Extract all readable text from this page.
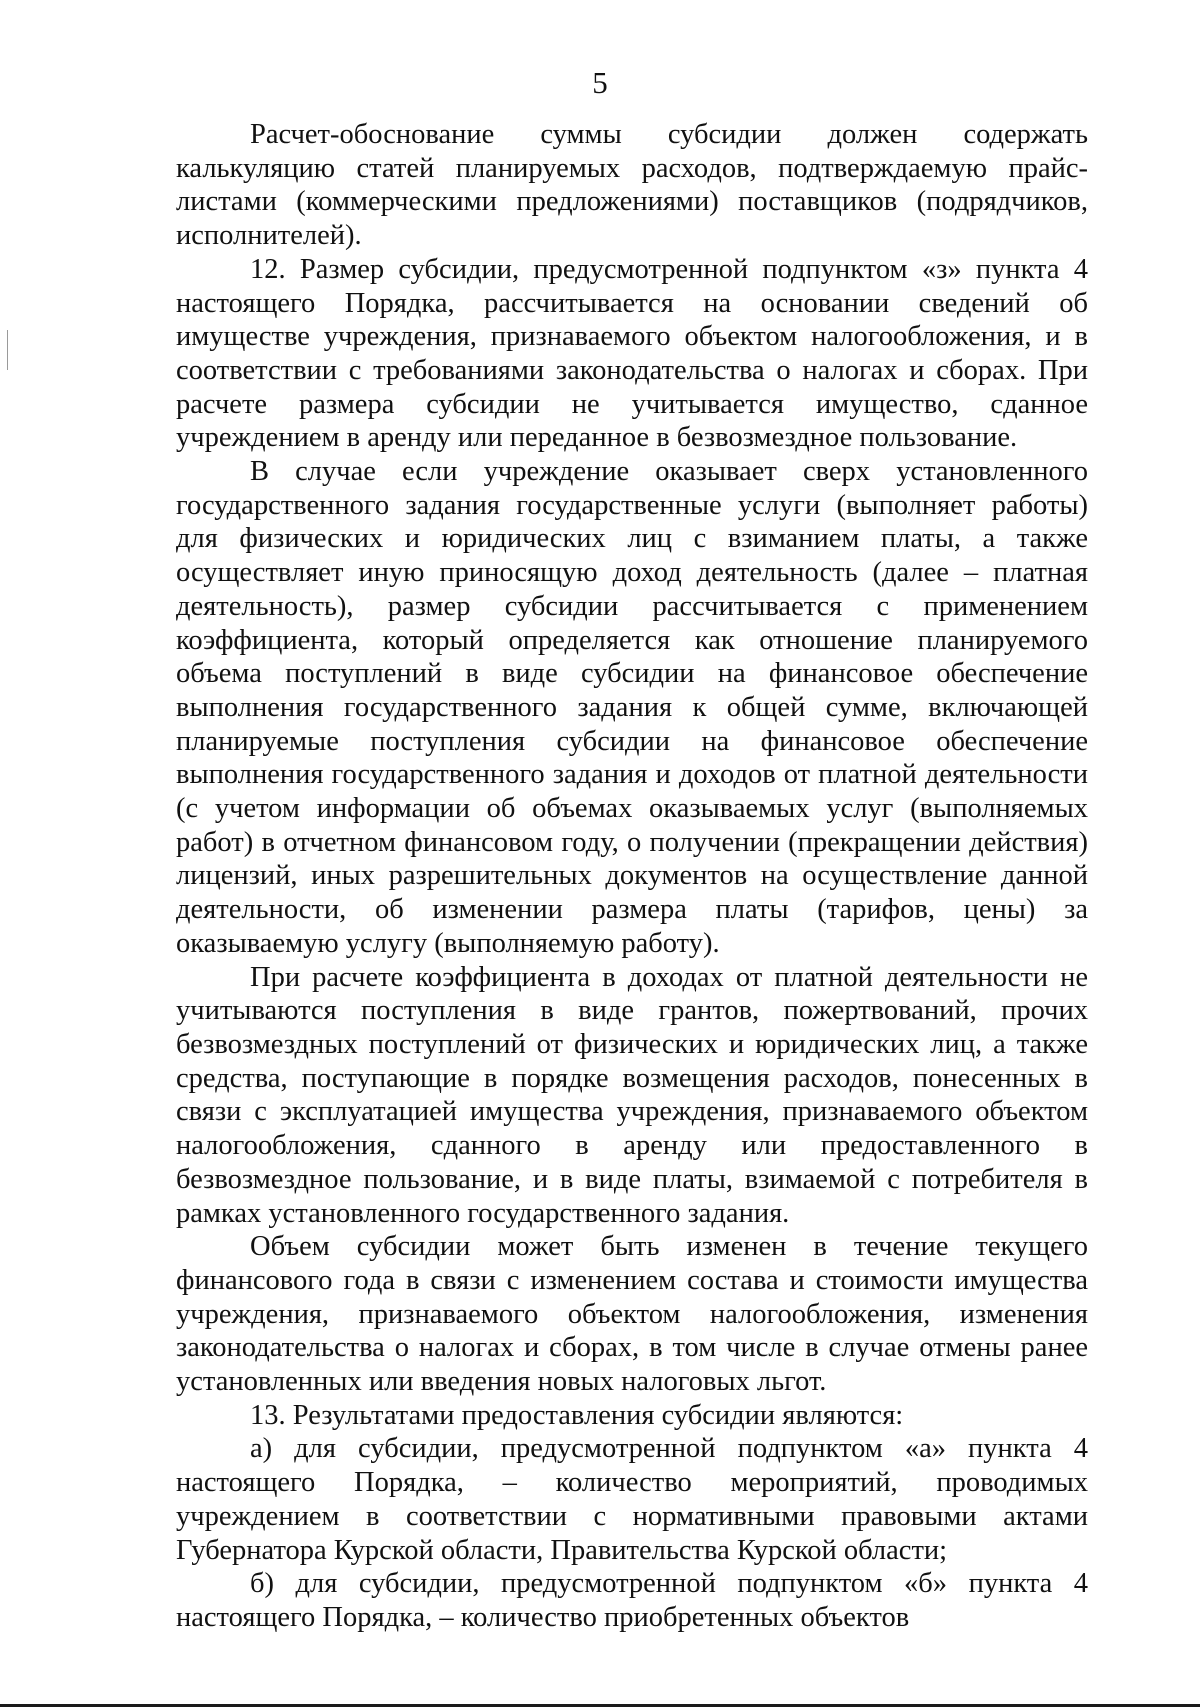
5

Расчет-обоснование суммы субсидии должен содержать калькуляцию статей планируемых расходов, подтверждаемую прайс-листами (коммерческими предложениями) поставщиков (подрядчиков, исполнителей).

12. Размер субсидии, предусмотренной подпунктом «з» пункта 4 настоящего Порядка, рассчитывается на основании сведений об имуществе учреждения, признаваемого объектом налогообложения, и в соответствии с требованиями законодательства о налогах и сборах. При расчете размера субсидии не учитывается имущество, сданное учреждением в аренду или переданное в безвозмездное пользование.

В случае если учреждение оказывает сверх установленного государственного задания государственные услуги (выполняет работы) для физических и юридических лиц с взиманием платы, а также осуществляет иную приносящую доход деятельность (далее – платная деятельность), размер субсидии рассчитывается с применением коэффициента, который определяется как отношение планируемого объема поступлений в виде субсидии на финансовое обеспечение выполнения государственного задания к общей сумме, включающей планируемые поступления субсидии на финансовое обеспечение выполнения государственного задания и доходов от платной деятельности (с учетом информации об объемах оказываемых услуг (выполняемых работ) в отчетном финансовом году, о получении (прекращении действия) лицензий, иных разрешительных документов на осуществление данной деятельности, об изменении размера платы (тарифов, цены) за оказываемую услугу (выполняемую работу).

При расчете коэффициента в доходах от платной деятельности не учитываются поступления в виде грантов, пожертвований, прочих безвозмездных поступлений от физических и юридических лиц, а также средства, поступающие в порядке возмещения расходов, понесенных в связи с эксплуатацией имущества учреждения, признаваемого объектом налогообложения, сданного в аренду или предоставленного в безвозмездное пользование, и в виде платы, взимаемой с потребителя в рамках установленного государственного задания.

Объем субсидии может быть изменен в течение текущего финансового года в связи с изменением состава и стоимости имущества учреждения, признаваемого объектом налогообложения, изменения законодательства о налогах и сборах, в том числе в случае отмены ранее установленных или введения новых налоговых льгот.

13. Результатами предоставления субсидии являются:

а) для субсидии, предусмотренной подпунктом «а» пункта 4 настоящего Порядка, – количество мероприятий, проводимых учреждением в соответствии с нормативными правовыми актами Губернатора Курской области, Правительства Курской области;

б) для субсидии, предусмотренной подпунктом «б» пункта 4 настоящего Порядка, – количество приобретенных объектов
